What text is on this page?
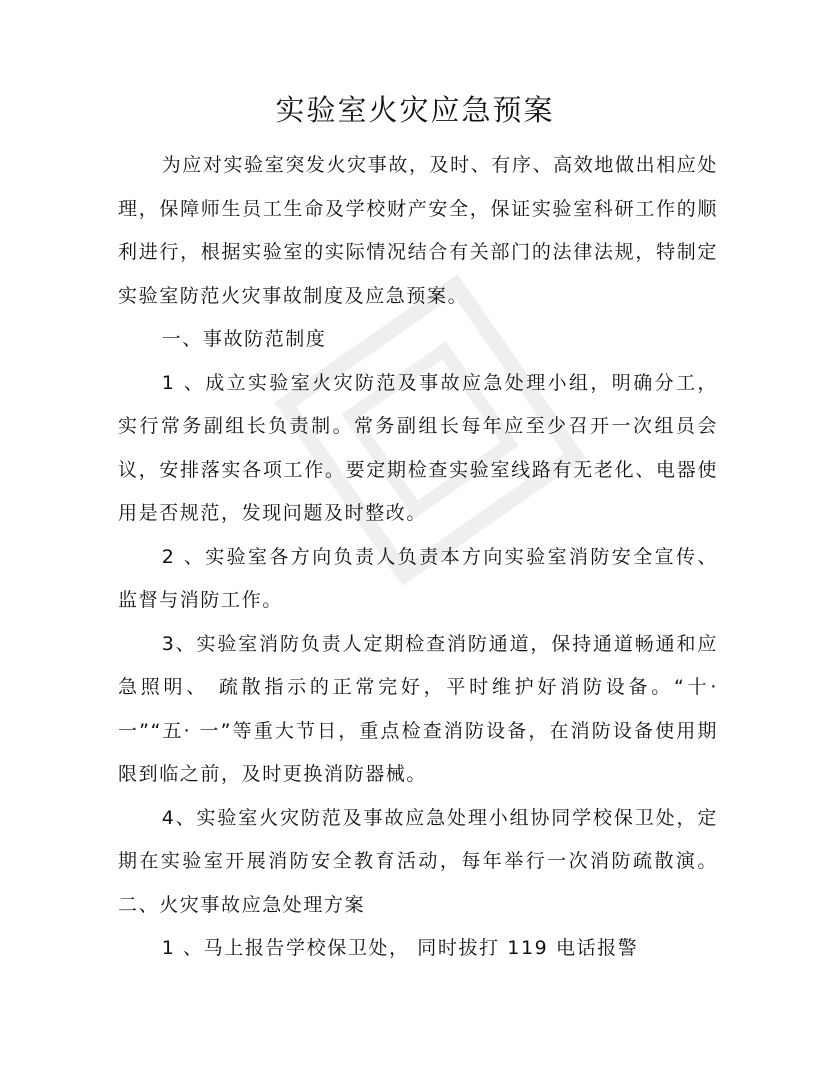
实验室火灾应急预案

为应对实验室突发火灾事故，及时、有序、高效地做出相应处理，保障师生员工生命及学校财产安全，保证实验室科研工作的顺利进行，根据实验室的实际情况结合有关部门的法律法规，特制定实验室防范火灾事故制度及应急预案。

一、事故防范制度

1 、成立实验室火灾防范及事故应急处理小组，明确分工，实行常务副组长负责制。常务副组长每年应至少召开一次组员会议，安排落实各项工作。要定期检查实验室线路有无老化、电器使用是否规范，发现问题及时整改。

2 、实验室各方向负责人负责本方向实验室消防安全宣传、监督与消防工作。

3、实验室消防负责人定期检查消防通道，保持通道畅通和应急照明、 疏散指示的正常完好，平时维护好消防设备。“十· 一”“五· 一”等重大节日，重点检查消防设备，在消防设备使用期限到临之前，及时更换消防器械。

4、实验室火灾防范及事故应急处理小组协同学校保卫处，定期在实验室开展消防安全教育活动，每年举行一次消防疏散演。二、火灾事故应急处理方案

1 、马上报告学校保卫处， 同时拔打 119 电话报警
